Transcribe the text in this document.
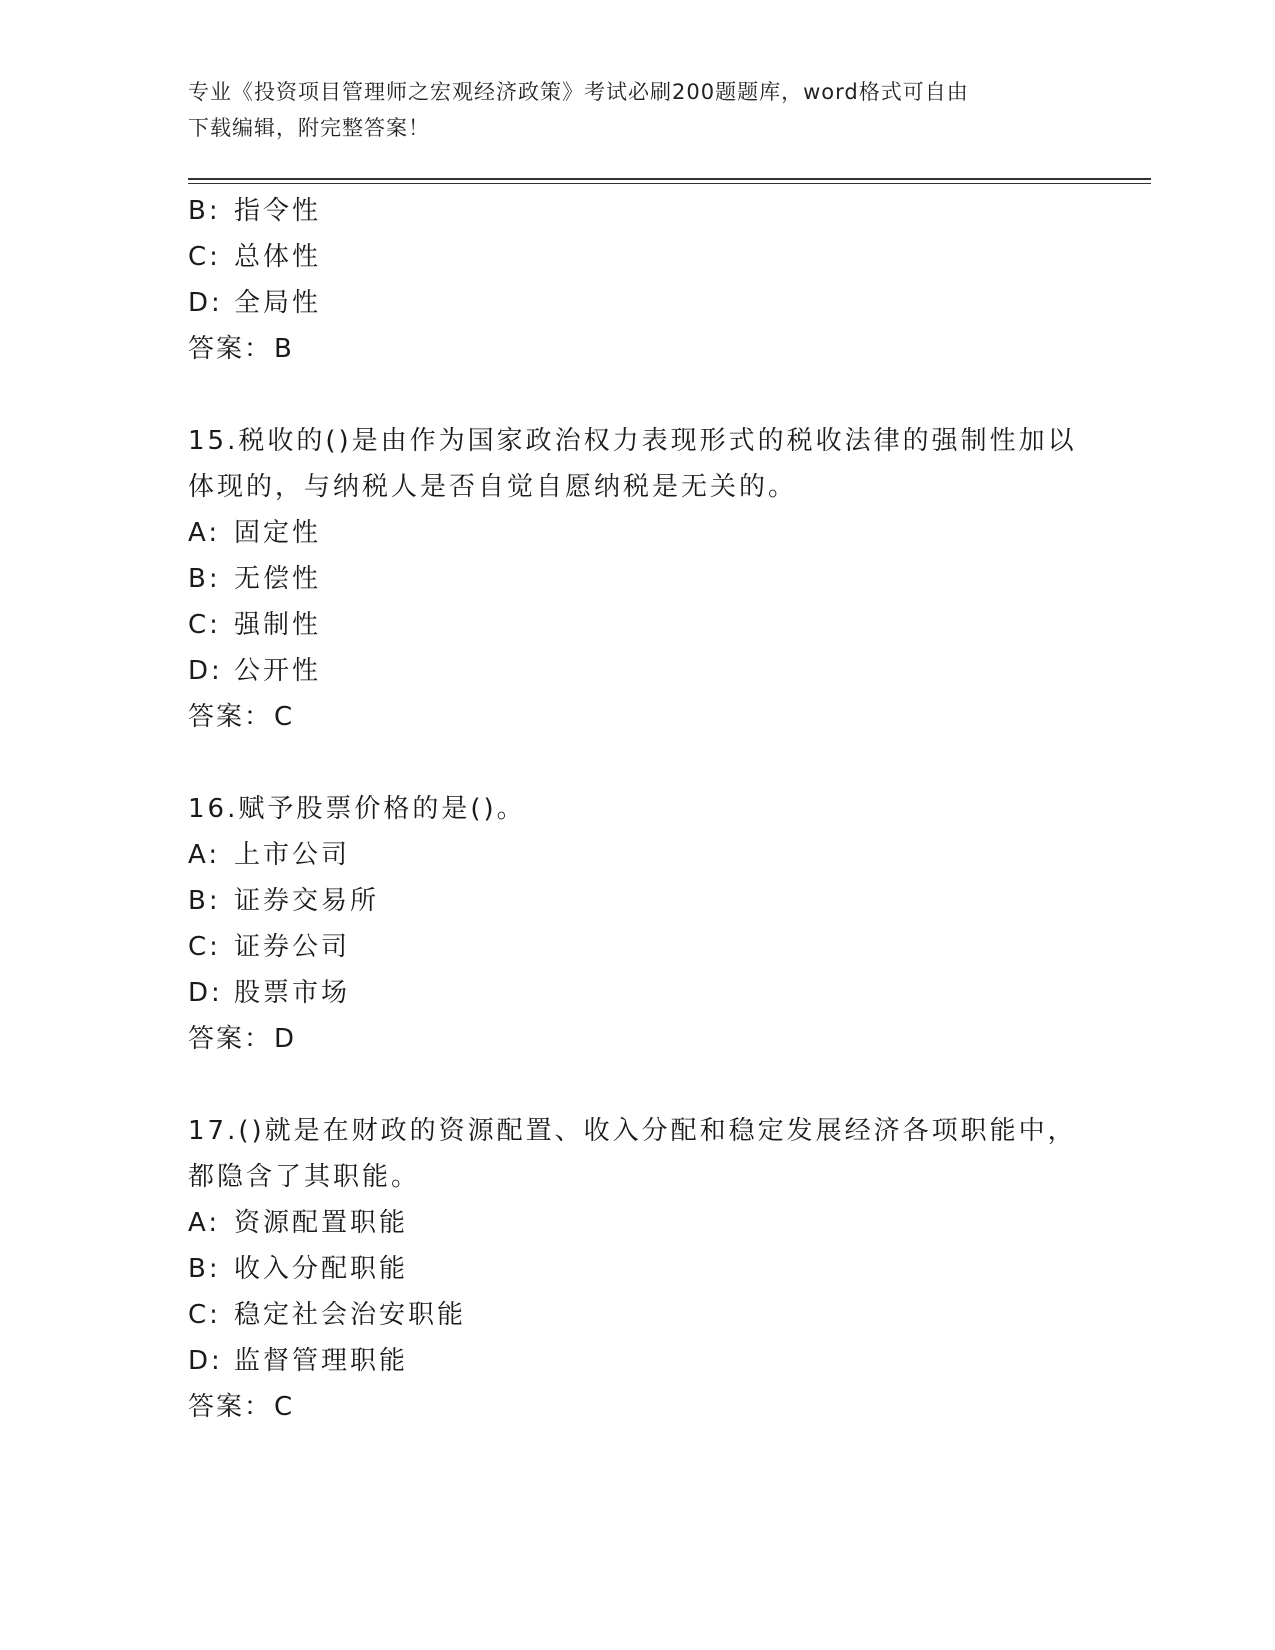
专业《投资项目管理师之宏观经济政策》考试必刷200题题库，word格式可自由
下载编辑，附完整答案！
B: 指令性
C: 总体性
D: 全局性
答案：B
15.税收的()是由作为国家政治权力表现形式的税收法律的强制性加以
体现的，与纳税人是否自觉自愿纳税是无关的。
A: 固定性
B: 无偿性
C: 强制性
D: 公开性
答案：C
16.赋予股票价格的是()。
A: 上市公司
B: 证券交易所
C: 证券公司
D: 股票市场
答案：D
17.()就是在财政的资源配置、收入分配和稳定发展经济各项职能中，
都隐含了其职能。
A: 资源配置职能
B: 收入分配职能
C: 稳定社会治安职能
D: 监督管理职能
答案：C
